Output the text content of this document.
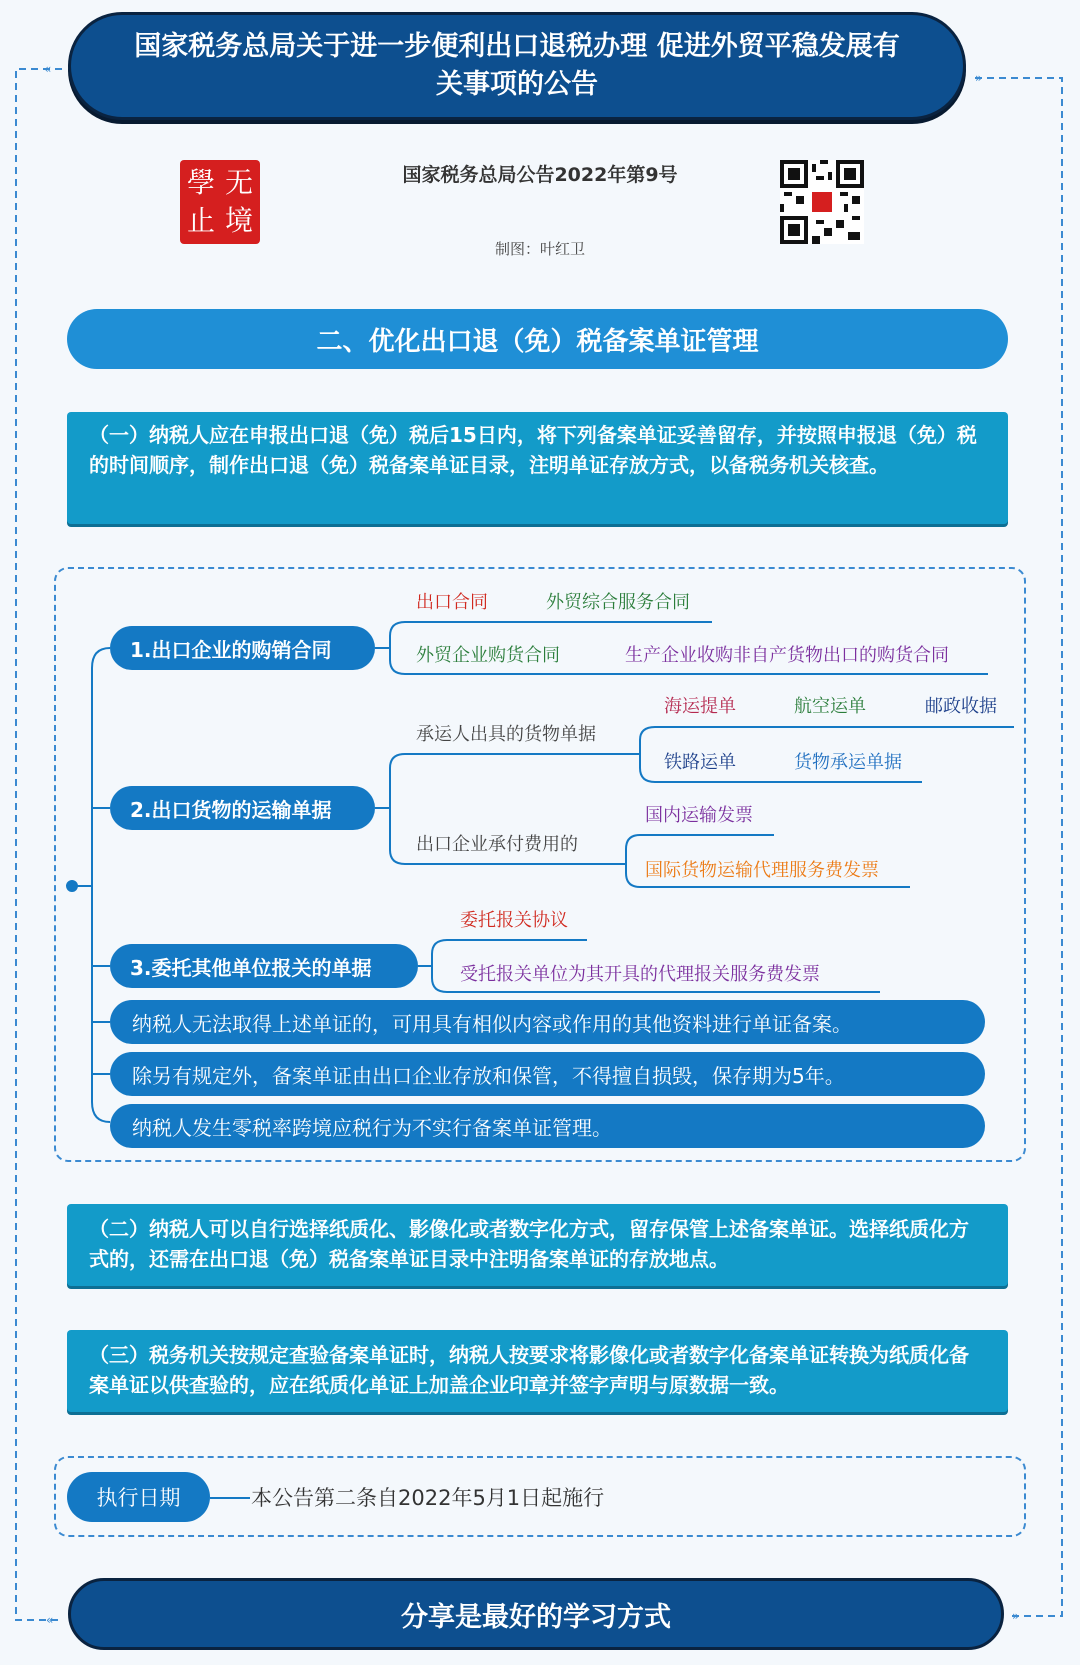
«
»
«	»
国家税务总局关于进一步便利出口退税办理 促进外贸平稳发展有关事项的公告
學 无
止 境
国家税务总局公告2022年第9号
制图：叶红卫
二、优化出口退（免）税备案单证管理
（一）纳税人应在申报出口退（免）税后15日内，将下列备案单证妥善留存，并按照申报退（免）税的时间顺序，制作出口退（免）税备案单证目录，注明单证存放方式，以备税务机关核查。
1.出口企业的购销合同
2.出口货物的运输单据
3.委托其他单位报关的单据
出口合同	外贸综合服务合同
外贸企业购货合同	生产企业收购非自产货物出口的购货合同
承运人出具的货物单据
海运提单	航空运单	邮政收据
铁路运单	货物承运单据
出口企业承付费用的
国内运输发票
国际货物运输代理服务费发票
委托报关协议
受托报关单位为其开具的代理报关服务费发票
纳税人无法取得上述单证的，可用具有相似内容或作用的其他资料进行单证备案。
除另有规定外，备案单证由出口企业存放和保管，不得擅自损毁，保存期为5年。
纳税人发生零税率跨境应税行为不实行备案单证管理。
（二）纳税人可以自行选择纸质化、影像化或者数字化方式，留存保管上述备案单证。选择纸质化方式的，还需在出口退（免）税备案单证目录中注明备案单证的存放地点。
（三）税务机关按规定查验备案单证时，纳税人按要求将影像化或者数字化备案单证转换为纸质化备案单证以供查验的，应在纸质化单证上加盖企业印章并签字声明与原数据一致。
执行日期	本公告第二条自2022年5月1日起施行
分享是最好的学习方式
